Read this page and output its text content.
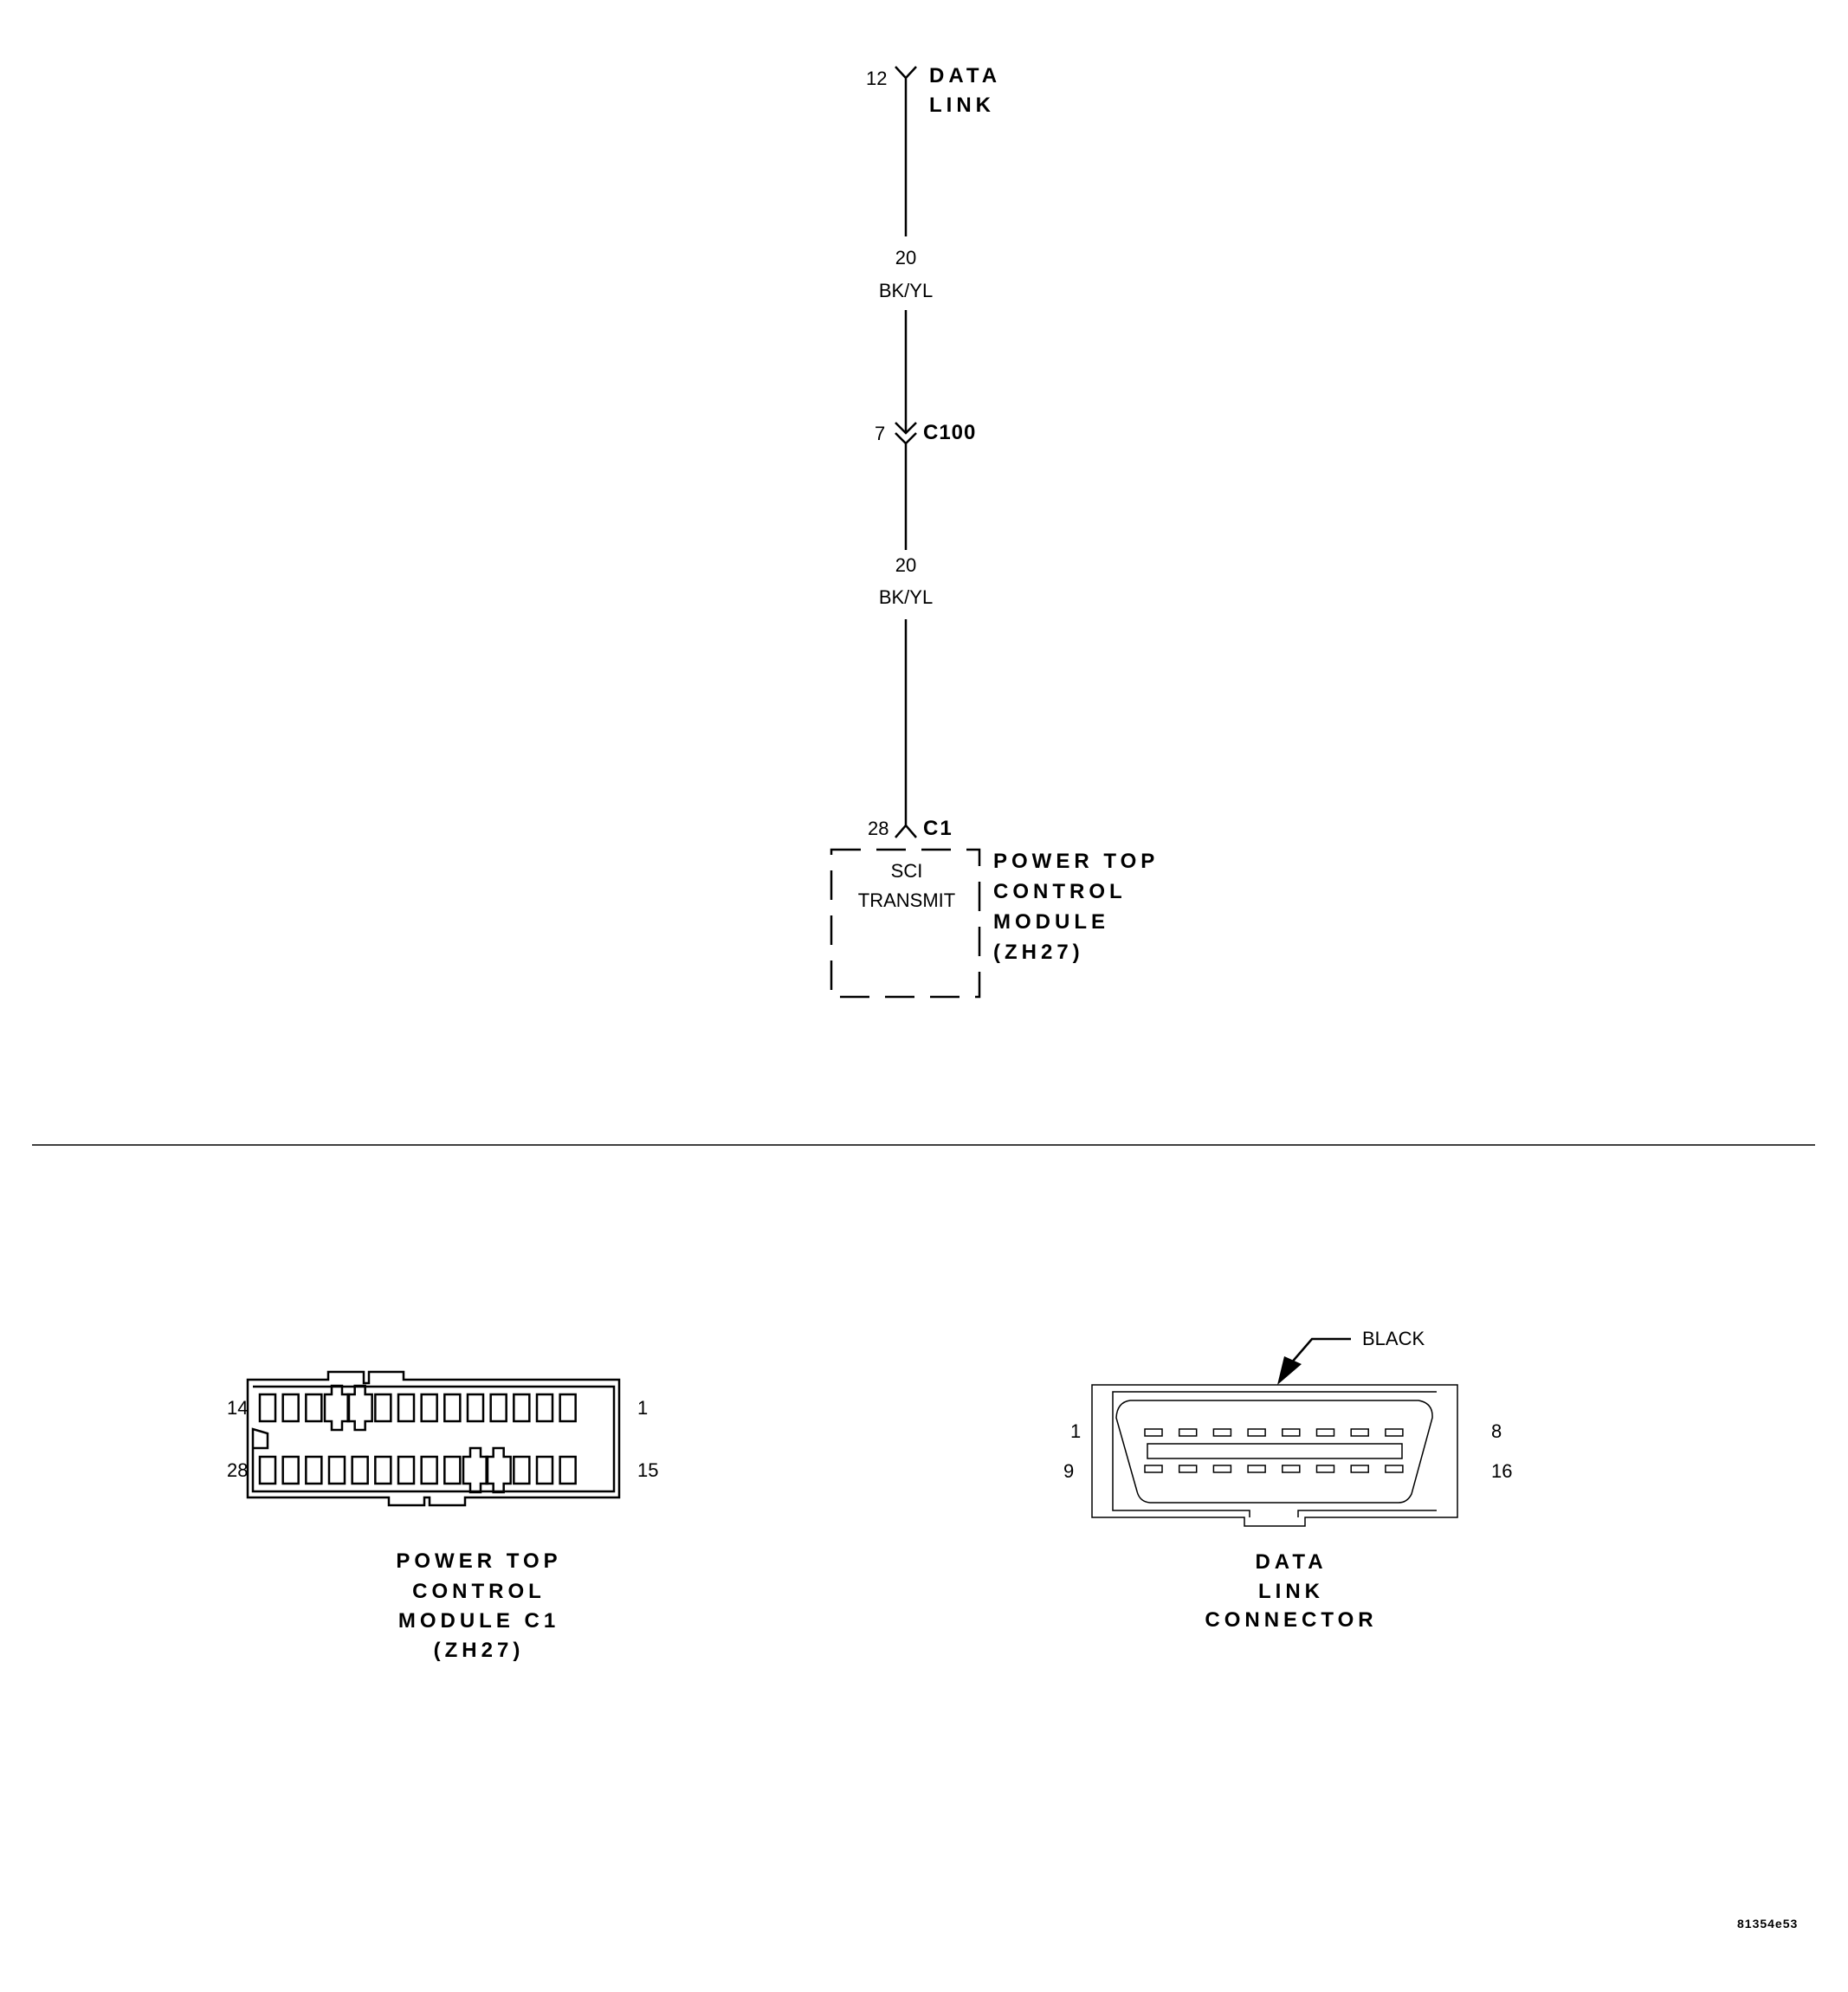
12 DATA
LINK
20
BK/YL
7 C100
20
BK/YL
28 C1
SCI
TRANSMIT
POWER TOP
CONTROL
MODULE
(ZH27)
14	1
28	15
POWER TOP
CONTROL
MODULE C1
(ZH27)
BLACK
1	8
9	16
DATA
LINK
CONNECTOR
81354e53
